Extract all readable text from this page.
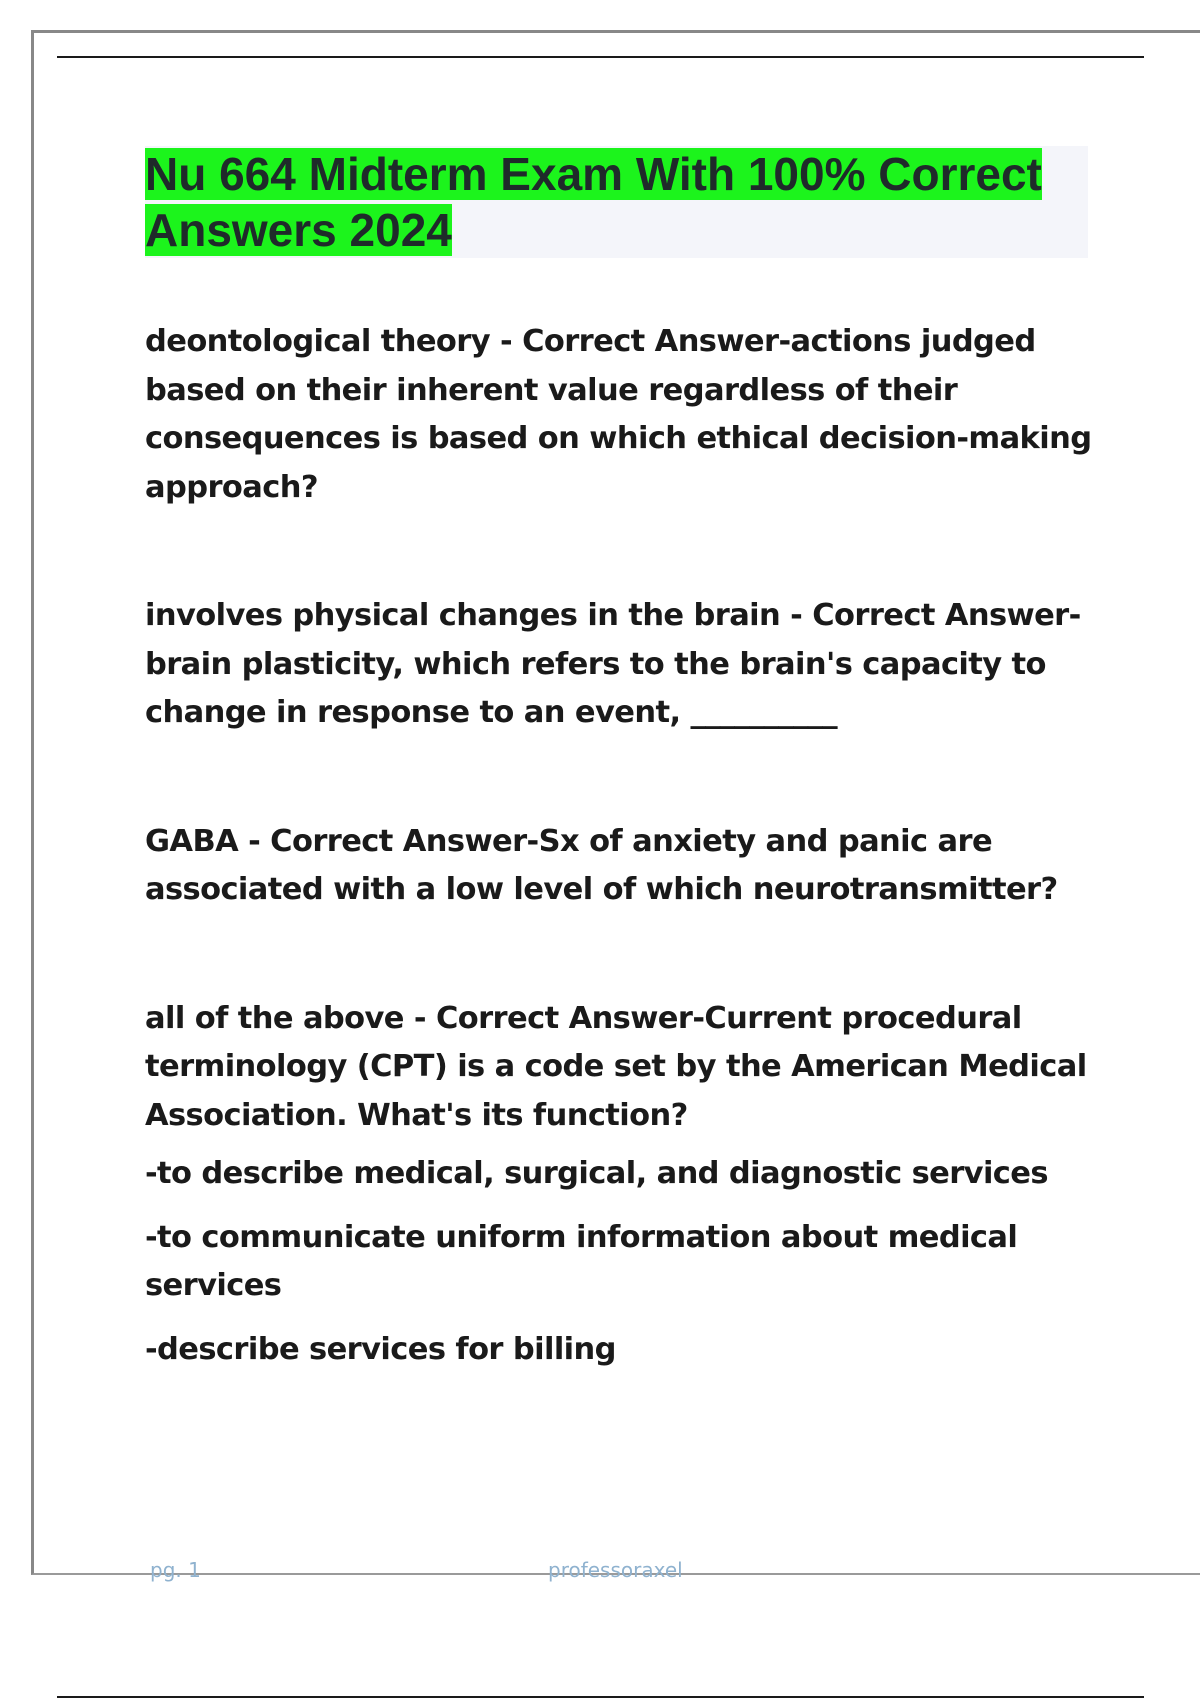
Nu 664 Midterm Exam With 100% Correct Answers 2024

deontological theory - Correct Answer-actions judged based on their inherent value regardless of their consequences is based on which ethical decision-making approach?

involves physical changes in the brain - Correct Answer-brain plasticity, which refers to the brain's capacity to change in response to an event, __________

GABA - Correct Answer-Sx of anxiety and panic are associated with a low level of which neurotransmitter?

all of the above - Correct Answer-Current procedural terminology (CPT) is a code set by the American Medical Association. What's its function?

-to describe medical, surgical, and diagnostic services

-to communicate uniform information about medical services

-describe services for billing

pg. 1	professoraxel
